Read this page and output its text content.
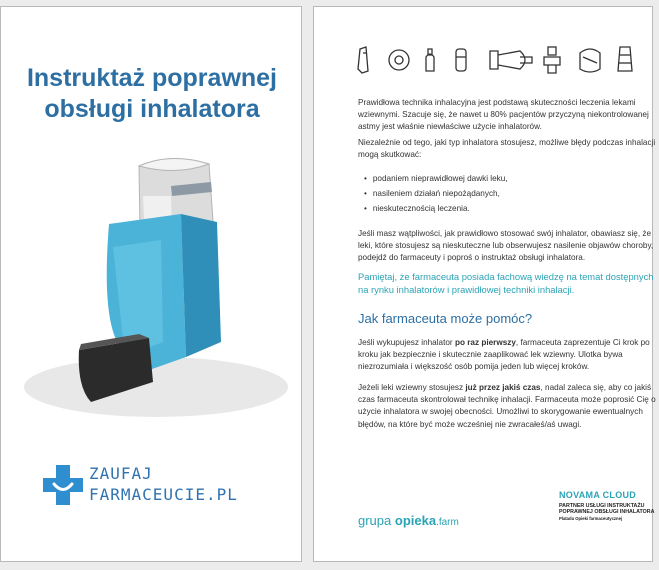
Instruktaż poprawnej
obsługi inhalatora
ZAUFAJ
FARMACEUCIE.PL
Prawidłowa technika inhalacyjna jest podstawą skuteczności leczenia lekami wziewnymi. Szacuje się, że nawet u 80% pacjentów przyczyną niekontrolowanej astmy jest właśnie niewłaściwe użycie inhalatorów.
Niezależnie od tego, jaki typ inhalatora stosujesz, możliwe błędy podczas inhalacji mogą skutkować:
• podaniem nieprawidłowej dawki leku,
• nasileniem działań niepożądanych,
• nieskutecznością leczenia.
Jeśli masz wątpliwości, jak prawidłowo stosować swój inhalator, obawiasz się, że leki, które stosujesz są nieskuteczne lub obserwujesz nasilenie objawów choroby, podejdź do farmaceuty i poproś o instruktaż obsługi inhalatora.
Pamiętaj, że farmaceuta posiada fachową wiedzę na temat dostępnych na rynku inhalatorów i prawidłowej techniki inhalacji.
Jak farmaceuta może pomóc?
Jeśli wykupujesz inhalator po raz pierwszy, farmaceuta zaprezentuje Ci krok po kroku jak bezpiecznie i skutecznie zaaplikować lek wziewny. Ulotka bywa niezrozumiała i większość osób pomija jeden lub więcej kroków.
Jeżeli leki wziewny stosujesz już przez jakiś czas, nadal zaleca się, aby co jakiś czas farmaceuta skontrolował technikę inhalacji. Farmaceuta może poprosić Cię o użycie inhalatora w swojej obecności. Umożliwi to skorygowanie ewentualnych błędów, na które być może wcześniej nie zwracałeś/aś uwagi.
grupa opieka.farm
NOVAMA CLOUD
PARTNER USŁUGI INSTRUKTAŻU
POPRAWNEJ OBSŁUGI INHALATORA
Platadu Opieki farmaceutycznej
